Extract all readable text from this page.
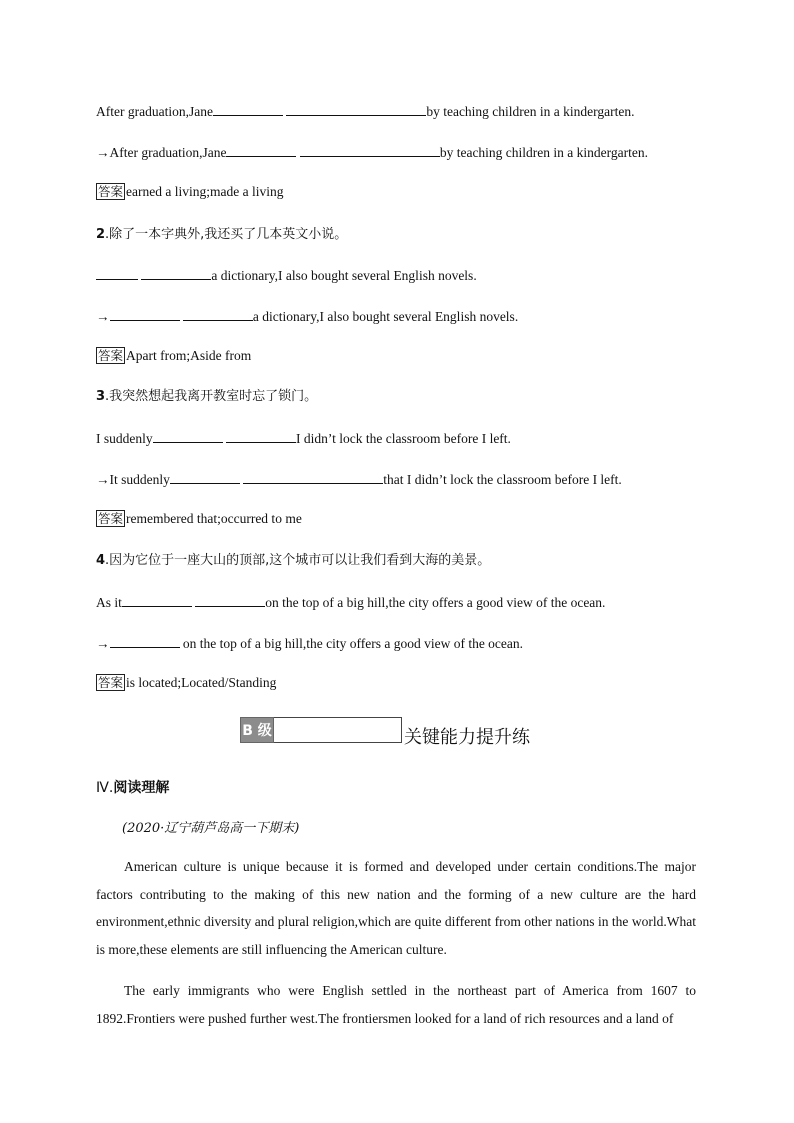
After graduation,Jane	by teaching children in a kindergarten.
→After graduation,Jane	by teaching children in a kindergarten.
答案 earned a living;made a living
2.除了一本字典外,我还买了几本英文小说。
a dictionary,I also bought several English novels.
→	a dictionary,I also bought several English novels.
答案 Apart from;Aside from
3.我突然想起我离开教室时忘了锁门。
I suddenly	I didn’t lock the classroom before I left.
→It suddenly	that I didn’t lock the classroom before I left.
答案 remembered that;occurred to me
4.因为它位于一座大山的顶部,这个城市可以让我们看到大海的美景。
As it	on the top of a big hill,the city offers a good view of the ocean.
→	on the top of a big hill,the city offers a good view of the ocean.
答案 is located;Located/Standing
B 级	关键能力提升练
Ⅳ.阅读理解
(2020·辽宁葫芦岛高一下期末)
American culture is unique because it is formed and developed under certain conditions.The major factors contributing to the making of this new nation and the forming of a new culture are the hard environment,ethnic diversity and plural religion,which are quite different from other nations in the world.What is more,these elements are still influencing the American culture.
The early immigrants who were English settled in the northeast part of America from 1607 to 1892.Frontiers were pushed further west.The frontiersmen looked for a land of rich resources and a land of
